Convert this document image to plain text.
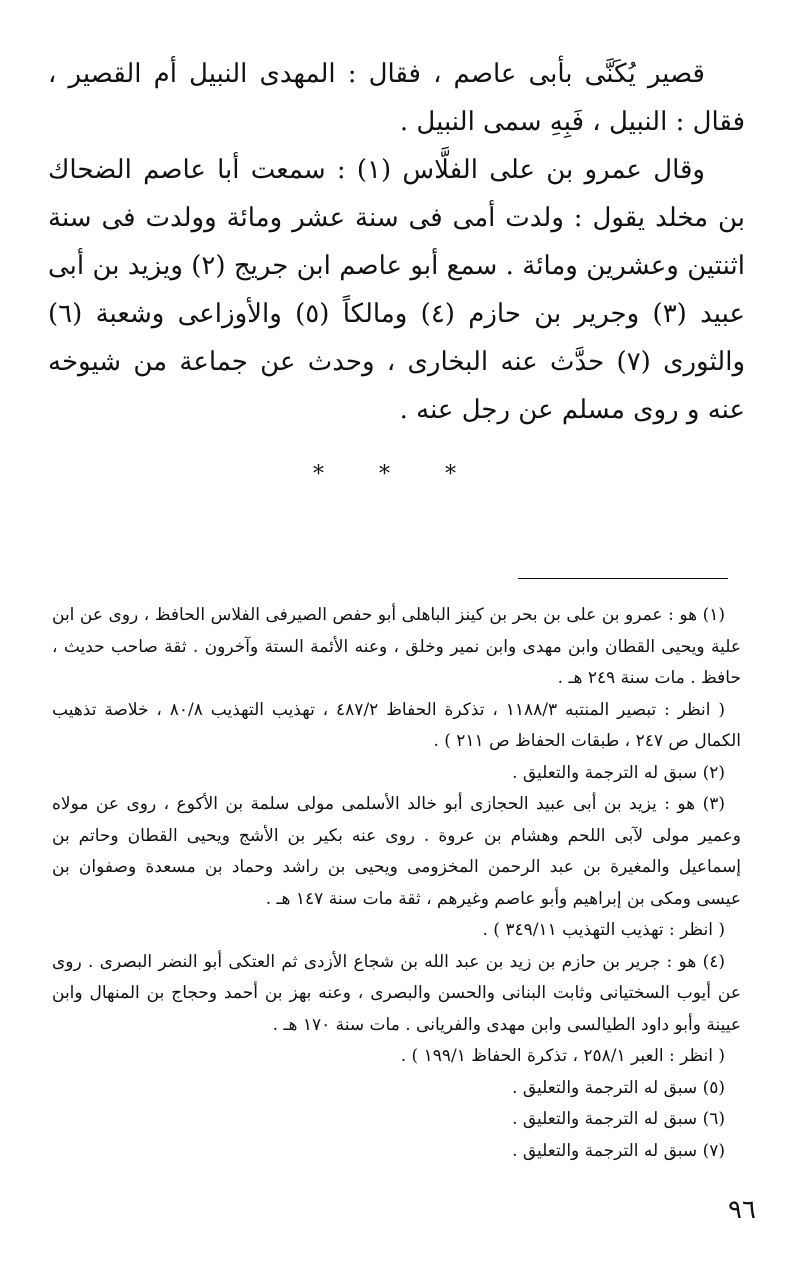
قصير يُكَنَّى بأبى عاصم ، فقال : المهدى النبيل أم القصير ، فقال : النبيل ، فَبِهِ سمى النبيل .

وقال عمرو بن على الفلَّاس (١) : سمعت أبا عاصم الضحاك بن مخلد يقول : ولدت أمى فى سنة عشر ومائة وولدت فى سنة اثنتين وعشرين ومائة . سمع أبو عاصم ابن جريج (٢) ويزيد بن أبى عبيد (٣) وجرير بن حازم (٤) ومالكاً (٥) والأوزاعى وشعبة (٦) والثورى (٧) حدَّث عنه البخارى ، وحدث عن جماعة من شيوخه عنه و روى مسلم عن رجل عنه .

* * *

(١) هو : عمرو بن على بن بحر بن كينز الباهلى أبو حفص الصيرفى الفلاس الحافظ ، روى عن ابن علية ويحيى القطان وابن مهدى وابن نمير وخلق ، وعنه الأئمة الستة وآخرون . ثقة صاحب حديث ، حافظ . مات سنة ٢٤٩ هـ .

( انظر : تبصير المنتبه ١١٨٨/٣ ، تذكرة الحفاظ ٤٨٧/٢ ، تهذيب التهذيب ٨٠/٨ ، خلاصة تذهيب الكمال ص ٢٤٧ ، طبقات الحفاظ ص ٢١١ ) .

(٢) سبق له الترجمة والتعليق .

(٣) هو : يزيد بن أبى عبيد الحجازى أبو خالد الأسلمى مولى سلمة بن الأكوع ، روى عن مولاه وعمير مولى لآبى اللحم وهشام بن عروة . روى عنه بكير بن الأشج ويحيى القطان وحاتم بن إسماعيل والمغيرة بن عبد الرحمن المخزومى ويحيى بن راشد وحماد بن مسعدة وصفوان بن عيسى ومكى بن إبراهيم وأبو عاصم وغيرهم ، ثقة مات سنة ١٤٧ هـ .

( انظر : تهذيب التهذيب ٣٤٩/١١ ) .

(٤) هو : جرير بن حازم بن زيد بن عبد الله بن شجاع الأزدى ثم العتكى أبو النضر البصرى . روى عن أيوب السختيانى وثابت البنانى والحسن والبصرى ، وعنه بهز بن أحمد وحجاج بن المنهال وابن عيينة وأبو داود الطيالسى وابن مهدى والفريانى . مات سنة ١٧٠ هـ .

( انظر : العبر ٢٥٨/١ ، تذكرة الحفاظ ١٩٩/١ ) .

(٥) سبق له الترجمة والتعليق .

(٦) سبق له الترجمة والتعليق .

(٧) سبق له الترجمة والتعليق .

٩٦
